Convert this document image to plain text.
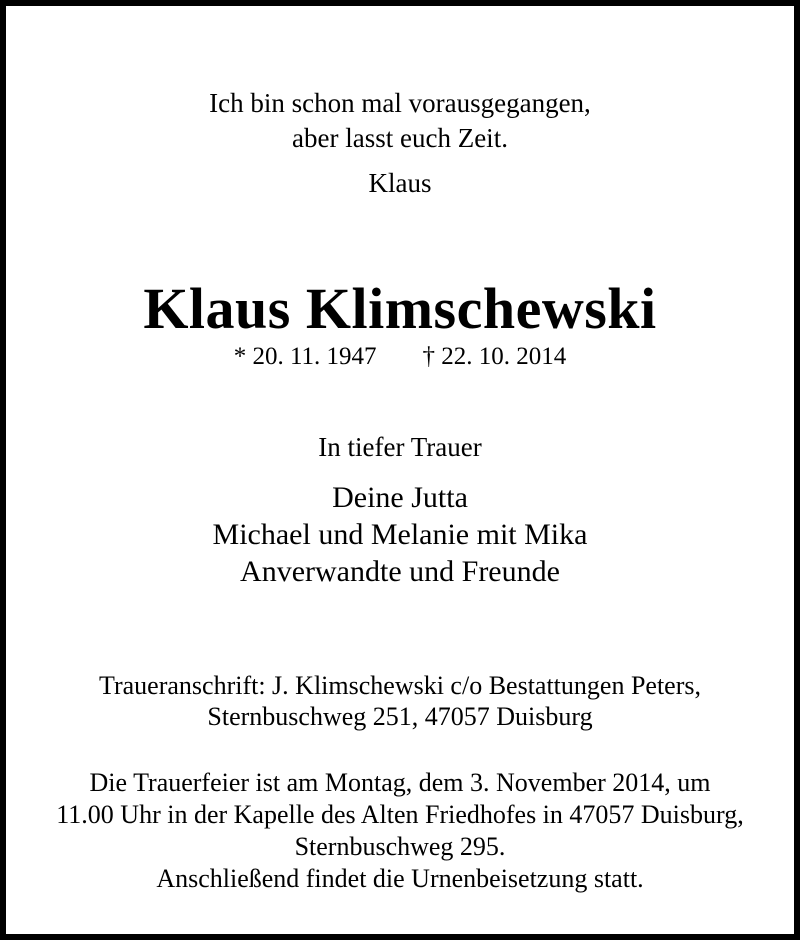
Ich bin schon mal vorausgegangen,
aber lasst euch Zeit.
Klaus
Klaus Klimschewski
* 20. 11. 1947 † 22. 10. 2014
In tiefer Trauer
Deine Jutta
Michael und Melanie mit Mika
Anverwandte und Freunde
Traueranschrift: J. Klimschewski c/o Bestattungen Peters,
Sternbuschweg 251, 47057 Duisburg
Die Trauerfeier ist am Montag, dem 3. November 2014, um
11.00 Uhr in der Kapelle des Alten Friedhofes in 47057 Duisburg,
Sternbuschweg 295.
Anschließend findet die Urnenbeisetzung statt.
